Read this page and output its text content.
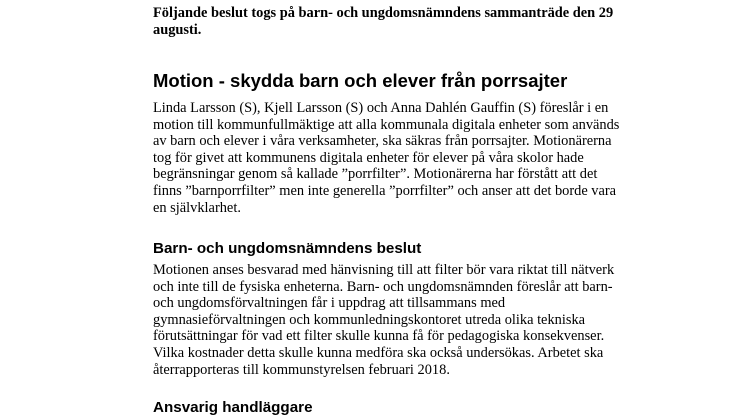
Följande beslut togs på barn- och ungdomsnämndens sammanträde den 29 augusti.

Motion - skydda barn och elever från porrsajter

Linda Larsson (S), Kjell Larsson (S) och Anna Dahlén Gauffin (S) föreslår i en motion till kommunfullmäktige att alla kommunala digitala enheter som används av barn och elever i våra verksamheter, ska säkras från porrsajter. Motionärerna tog för givet att kommunens digitala enheter för elever på våra skolor hade begränsningar genom så kallade ”porrfilter”. Motionärerna har förstått att det finns ”barnporrfilter” men inte generella ”porrfilter” och anser att det borde vara en självklarhet.

Barn- och ungdomsnämndens beslut

Motionen anses besvarad med hänvisning till att filter bör vara riktat till nätverk och inte till de fysiska enheterna. Barn- och ungdomsnämnden föreslår att barn- och ungdomsförvaltningen får i uppdrag att tillsammans med gymnasieförvaltningen och kommunledningskontoret utreda olika tekniska förutsättningar för vad ett filter skulle kunna få för pedagogiska konsekvenser. Vilka kostnader detta skulle kunna medföra ska också undersökas. Arbetet ska återrapporteras till kommunstyrelsen februari 2018.

Ansvarig handläggare
